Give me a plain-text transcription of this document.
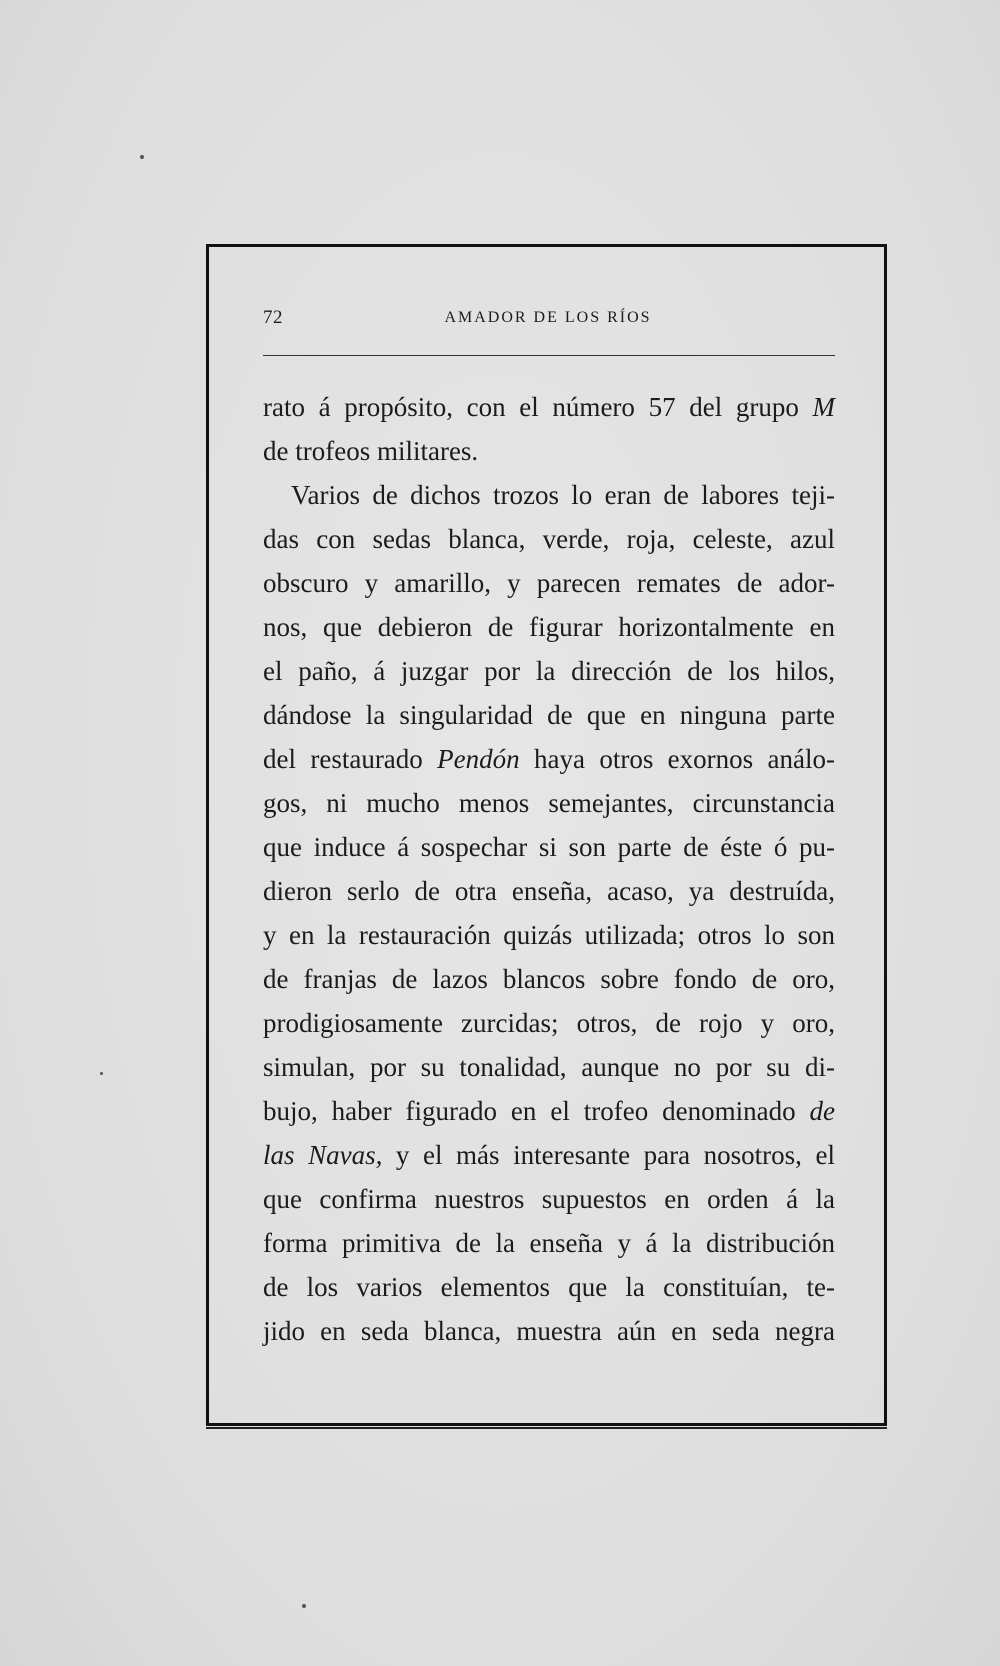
72	AMADOR DE LOS RÍOS
rato á propósito, con el número 57 del grupo M
de trofeos militares.
Varios de dichos trozos lo eran de labores teji-
das con sedas blanca, verde, roja, celeste, azul
obscuro y amarillo, y parecen remates de ador-
nos, que debieron de figurar horizontalmente en
el paño, á juzgar por la dirección de los hilos,
dándose la singularidad de que en ninguna parte
del restaurado Pendón haya otros exornos análo-
gos, ni mucho menos semejantes, circunstancia
que induce á sospechar si son parte de éste ó pu-
dieron serlo de otra enseña, acaso, ya destruída,
y en la restauración quizás utilizada; otros lo son
de franjas de lazos blancos sobre fondo de oro,
prodigiosamente zurcidas; otros, de rojo y oro,
simulan, por su tonalidad, aunque no por su di-
bujo, haber figurado en el trofeo denominado de
las Navas, y el más interesante para nosotros, el
que confirma nuestros supuestos en orden á la
forma primitiva de la enseña y á la distribución
de los varios elementos que la constituían, te-
jido en seda blanca, muestra aún en seda negra
